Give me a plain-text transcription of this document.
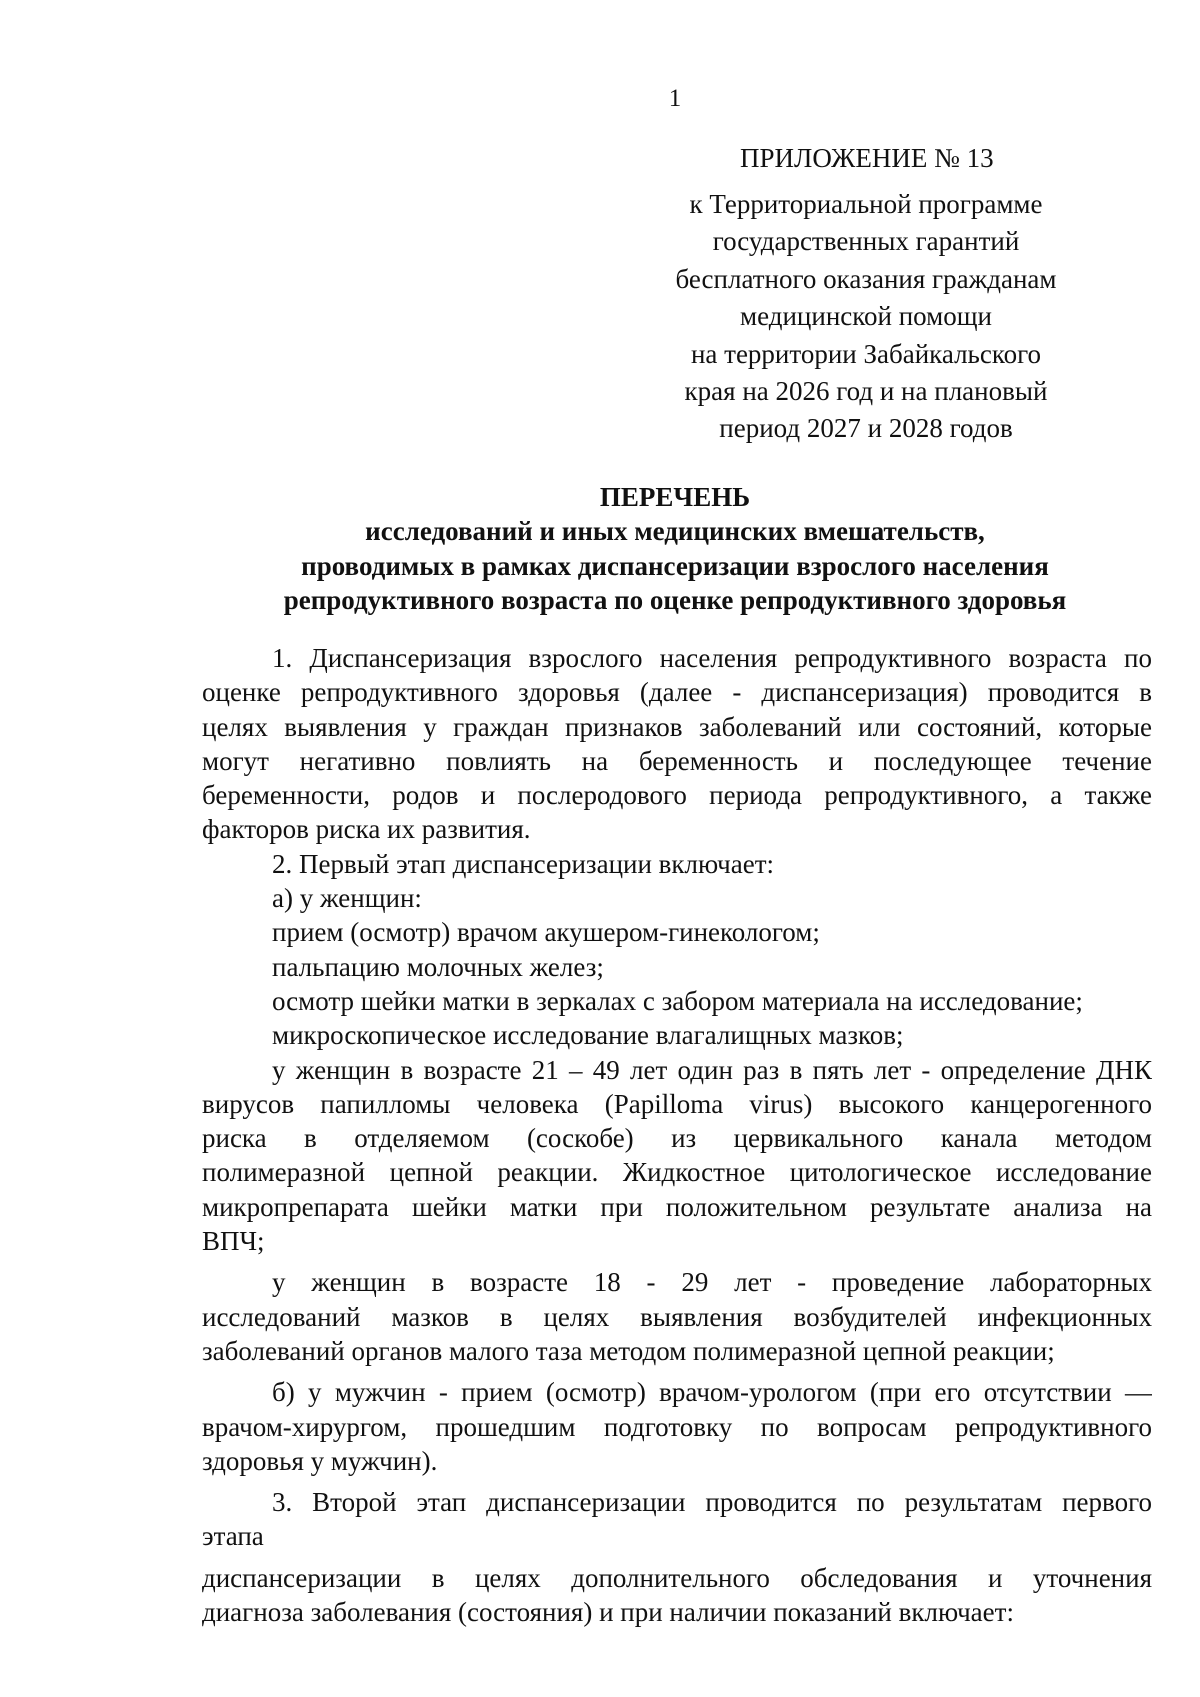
1
ПРИЛОЖЕНИЕ № 13
к Территориальной программе
государственных гарантий
бесплатного оказания гражданам
медицинской помощи
на территории Забайкальского
края на 2026 год и на плановый
период 2027 и 2028 годов
ПЕРЕЧЕНЬ
исследований и иных медицинских вмешательств,
проводимых в рамках диспансеризации взрослого населения
репродуктивного возраста по оценке репродуктивного здоровья
1. Диспансеризация взрослого населения репродуктивного возраста по
оценке репродуктивного здоровья (далее - диспансеризация) проводится в
целях выявления у граждан признаков заболеваний или состояний, которые
могут негативно повлиять на беременность и последующее течение
беременности, родов и послеродового периода репродуктивного, а также
факторов риска их развития.
2. Первый этап диспансеризации включает:
а) у женщин:
прием (осмотр) врачом акушером-гинекологом;
пальпацию молочных желез;
осмотр шейки матки в зеркалах с забором материала на исследование;
микроскопическое исследование влагалищных мазков;
у женщин в возрасте 21 – 49 лет один раз в пять лет - определение ДНК
вирусов папилломы человека (Papilloma virus) высокого канцерогенного
риска в отделяемом (соскобе) из цервикального канала методом
полимеразной цепной реакции. Жидкостное цитологическое исследование
микропрепарата шейки матки при положительном результате анализа на
ВПЧ;
у женщин в возрасте 18 - 29 лет - проведение лабораторных
исследований мазков в целях выявления возбудителей инфекционных
заболеваний органов малого таза методом полимеразной цепной реакции;
б) у мужчин - прием (осмотр) врачом-урологом (при его отсутствии —
врачом-хирургом, прошедшим подготовку по вопросам репродуктивного
здоровья у мужчин).
3. Второй этап диспансеризации проводится по результатам первого
этапа
диспансеризации в целях дополнительного обследования и уточнения
диагноза заболевания (состояния) и при наличии показаний включает:
